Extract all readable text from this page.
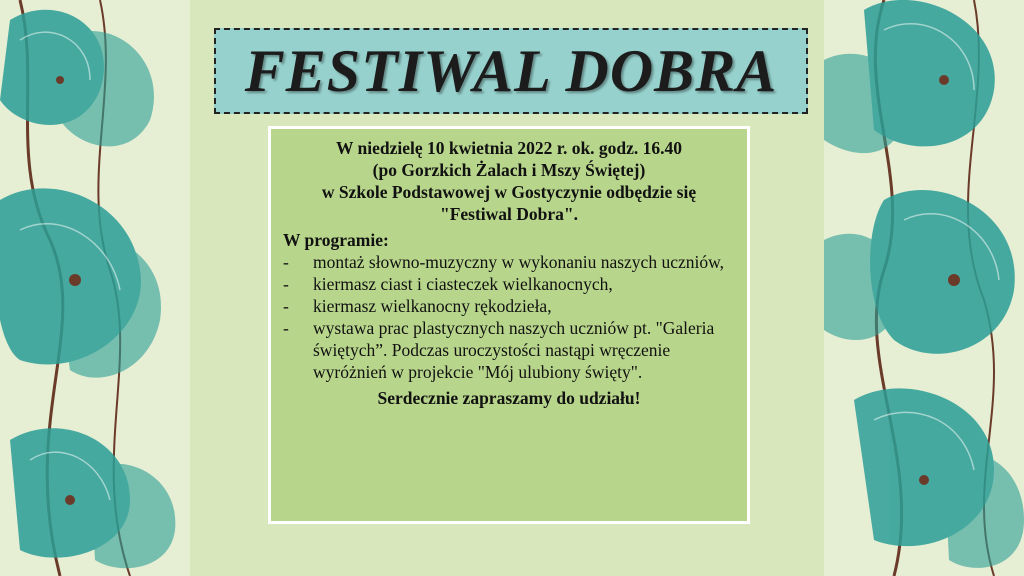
FESTIWAL DOBRA
W niedzielę 10 kwietnia 2022 r. ok. godz. 16.40
(po Gorzkich Żalach i Mszy Świętej)
w Szkole Podstawowej w Gostyczynie odbędzie się
"Festiwal Dobra".
W programie:
-	montaż słowno-muzyczny w wykonaniu naszych uczniów,
-	kiermasz ciast i ciasteczek wielkanocnych,
-	kiermasz wielkanocny rękodzieła,
-	wystawa prac plastycznych naszych uczniów pt. "Galeria świętych”. Podczas uroczystości nastąpi wręczenie wyróżnień w projekcie "Mój ulubiony święty".
Serdecznie zapraszamy do udziału!
